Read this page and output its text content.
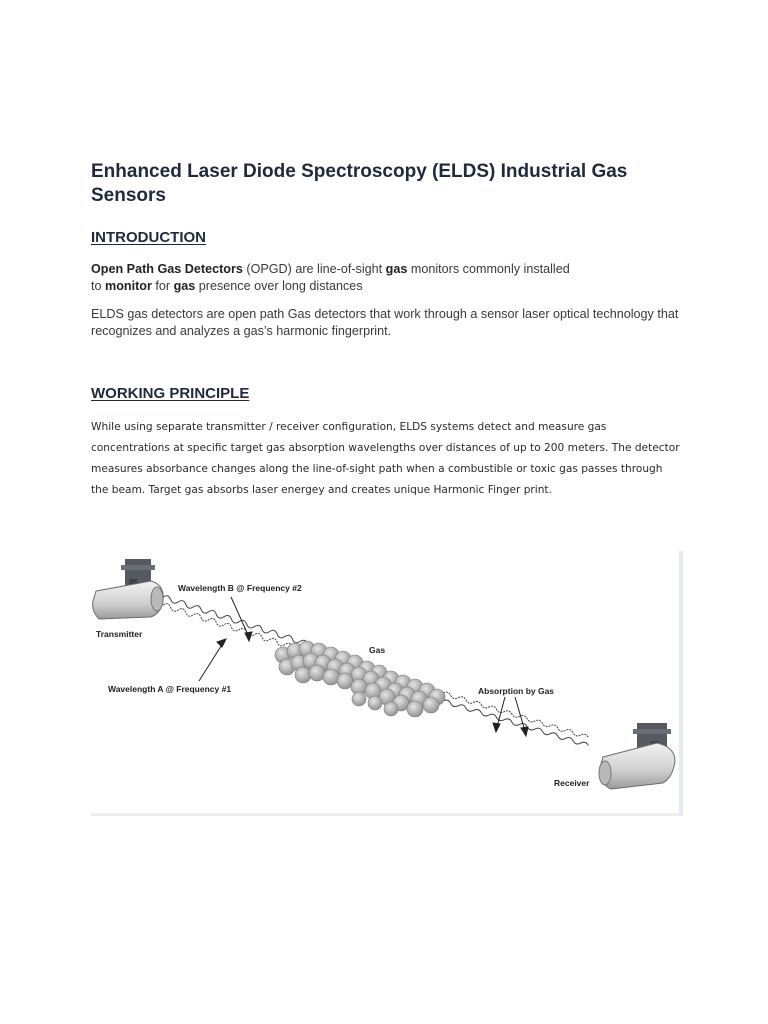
Enhanced Laser Diode Spectroscopy (ELDS) Industrial Gas Sensors
INTRODUCTION

Open Path Gas Detectors (OPGD) are line-of-sight gas monitors commonly installed
to monitor for gas presence over long distances

ELDS gas detectors are open path Gas detectors that work through a sensor laser optical technology that recognizes and analyzes a gas’s harmonic fingerprint.

WORKING PRINCIPLE

While using separate transmitter / receiver configuration, ELDS systems detect and measure gas concentrations at specific target gas absorption wavelengths over distances of up to 200 meters. The detector measures absorbance changes along the line-of-sight path when a combustible or toxic gas passes through the beam. Target gas absorbs laser energey and creates unique Harmonic Finger print.

Wavelength B @ Frequency #2
Transmitter
Wavelength A @ Frequency #1
Gas
Absorption by Gas
Receiver
